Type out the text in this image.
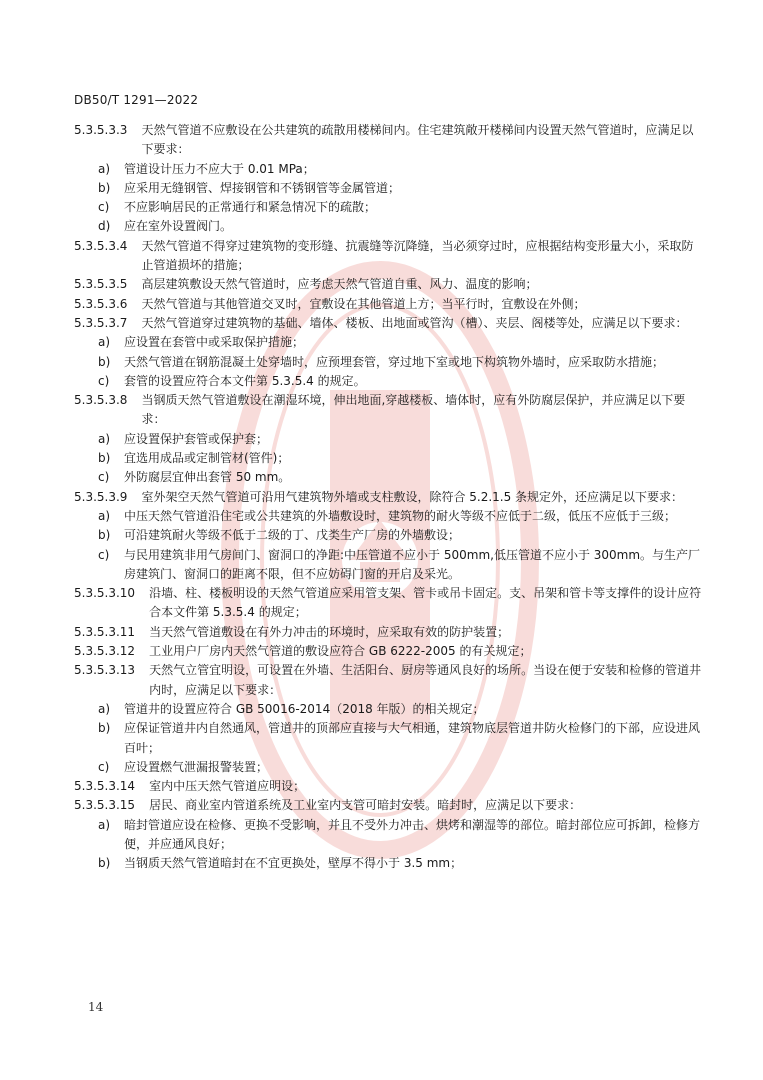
DB50/T 1291—2022
5.3.5.3.3 天然气管道不应敷设在公共建筑的疏散用楼梯间内。住宅建筑敞开楼梯间内设置天然气管道时，应满足以下要求：
a)	管道设计压力不应大于 0.01 MPa；
b)	应采用无缝钢管、焊接钢管和不锈钢管等金属管道；
c)	不应影响居民的正常通行和紧急情况下的疏散；
d)	应在室外设置阀门。
5.3.5.3.4 天然气管道不得穿过建筑物的变形缝、抗震缝等沉降缝，当必须穿过时，应根据结构变形量大小，采取防止管道损坏的措施；
5.3.5.3.5 高层建筑敷设天然气管道时，应考虑天然气管道自重、风力、温度的影响；
5.3.5.3.6 天然气管道与其他管道交叉时，宜敷设在其他管道上方；当平行时，宜敷设在外侧；
5.3.5.3.7 天然气管道穿过建筑物的基础、墙体、楼板、出地面或管沟（槽）、夹层、阁楼等处，应满足以下要求：
a)	应设置在套管中或采取保护措施；
b)	天然气管道在钢筋混凝土处穿墙时，应预埋套管，穿过地下室或地下构筑物外墙时，应采取防水措施；
c)	套管的设置应符合本文件第 5.3.5.4 的规定。
5.3.5.3.8 当钢质天然气管道敷设在潮湿环境，伸出地面,穿越楼板、墙体时，应有外防腐层保护，并应满足以下要求：
a)	应设置保护套管或保护套；
b)	宜选用成品或定制管材(管件)；
c)	外防腐层宜伸出套管 50 mm。
5.3.5.3.9 室外架空天然气管道可沿用气建筑物外墙或支柱敷设，除符合 5.2.1.5 条规定外，还应满足以下要求：
a)	中压天然气管道沿住宅或公共建筑的外墙敷设时，建筑物的耐火等级不应低于二级，低压不应低于三级；
b)	可沿建筑耐火等级不低于二级的丁、戊类生产厂房的外墙敷设；
c)	与民用建筑非用气房间门、窗洞口的净距:中压管道不应小于 500mm,低压管道不应小于 300mm。与生产厂房建筑门、窗洞口的距离不限，但不应妨碍门窗的开启及采光。
5.3.5.3.10 沿墙、柱、楼板明设的天然气管道应采用管支架、管卡或吊卡固定。支、吊架和管卡等支撑件的设计应符合本文件第 5.3.5.4 的规定；
5.3.5.3.11 当天然气管道敷设在有外力冲击的环境时，应采取有效的防护装置；
5.3.5.3.12 工业用户厂房内天然气管道的敷设应符合 GB 6222-2005 的有关规定；
5.3.5.3.13 天然气立管宜明设，可设置在外墙、生活阳台、厨房等通风良好的场所。当设在便于安装和检修的管道井内时，应满足以下要求：
a)	管道井的设置应符合 GB 50016-2014（2018 年版）的相关规定；
b)	应保证管道井内自然通风，管道井的顶部应直接与大气相通，建筑物底层管道井防火检修门的下部，应设进风百叶；
c)	应设置燃气泄漏报警装置；
5.3.5.3.14 室内中压天然气管道应明设；
5.3.5.3.15 居民、商业室内管道系统及工业室内支管可暗封安装。暗封时，应满足以下要求：
a)	暗封管道应设在检修、更换不受影响，并且不受外力冲击、烘烤和潮湿等的部位。暗封部位应可拆卸，检修方便，并应通风良好；
b)	当钢质天然气管道暗封在不宜更换处，壁厚不得小于 3.5 mm；
14
